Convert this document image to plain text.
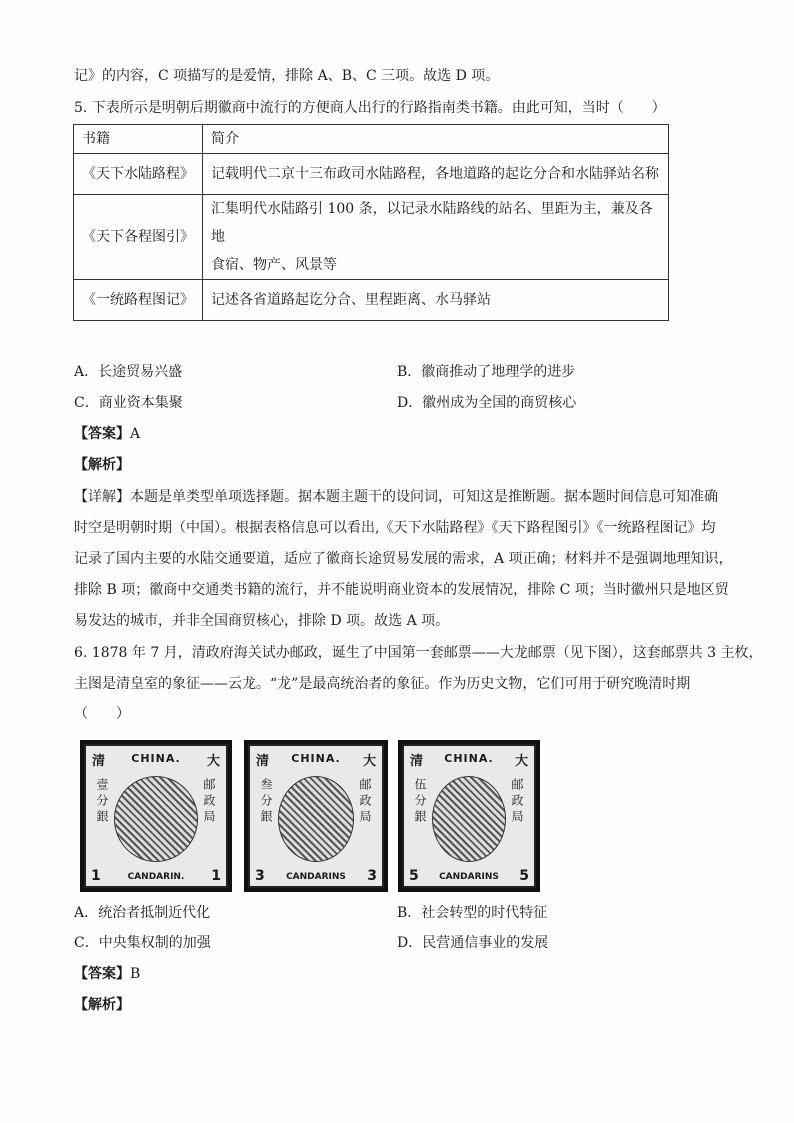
记》的内容，C 项描写的是爱情，排除 A、B、C 三项。故选 D 项。
5. 下表所示是明朝后期徽商中流行的方便商人出行的行路指南类书籍。由此可知，当时（　　）
书籍	简介
《天下水陆路程》	记载明代二京十三布政司水陆路程，各地道路的起讫分合和水陆驿站名称
《天下各程图引》	汇集明代水陆路引 100 条，以记录水陆路线的站名、里距为主，兼及各地
食宿、物产、风景等

《一统路程图记》	记述各省道路起讫分合、里程距离、水马驿站
A．长途贸易兴盛	B．徽商推动了地理学的进步
C．商业资本集聚	D．徽州成为全国的商贸核心
【答案】A
【解析】
【详解】本题是单类型单项选择题。据本题主题干的设问词，可知这是推断题。据本题时间信息可知准确
时空是明朝时期（中国）。根据表格信息可以看出,《天下水陆路程》《天下路程图引》《一统路程图记》均
记录了国内主要的水陆交通要道，适应了徽商长途贸易发展的需求，A 项正确；材料并不是强调地理知识，
排除 B 项；徽商中交通类书籍的流行，并不能说明商业资本的发展情况，排除 C 项；当时徽州只是地区贸
易发达的城市，并非全国商贸核心，排除 D 项。故选 A 项。
6. 1878 年 7 月，清政府海关试办邮政，诞生了中国第一套邮票——大龙邮票（见下图），这套邮票共 3 主枚，
主图是清皇室的象征——云龙。“龙”是最高统治者的象征。作为历史文物，它们可用于研究晚清时期
（　　）
清	CHINA.	大
壹分銀	邮政局
1	CANDARIN.	1
清	CHINA.	大
叁分銀	邮政局
3	CANDARINS	3
清	CHINA.	大
伍分銀	邮政局
5	CANDARINS	5
A．统治者抵制近代化	B．社会转型的时代特征
C．中央集权制的加强	D．民营通信事业的发展
【答案】B
【解析】
